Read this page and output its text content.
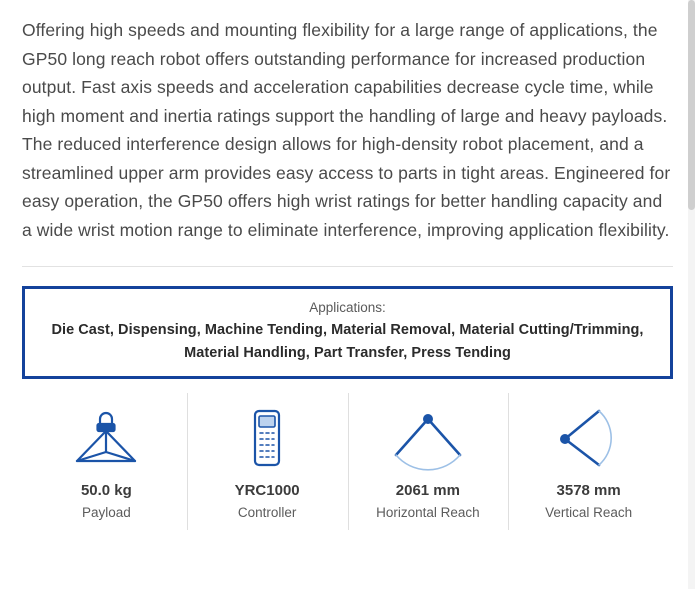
Offering high speeds and mounting flexibility for a large range of applications, the GP50 long reach robot offers outstanding performance for increased production output. Fast axis speeds and acceleration capabilities decrease cycle time, while high moment and inertia ratings support the handling of large and heavy payloads. The reduced interference design allows for high-density robot placement, and a streamlined upper arm provides easy access to parts in tight areas. Engineered for easy operation, the GP50 offers high wrist ratings for better handling capacity and a wide wrist motion range to eliminate interference, improving application flexibility.

Applications:
Die Cast, Dispensing, Machine Tending, Material Removal, Material Cutting/Trimming,
Material Handling, Part Transfer, Press Tending
50.0 kg
Payload
YRC1000
Controller
2061 mm
Horizontal Reach
3578 mm
Vertical Reach
